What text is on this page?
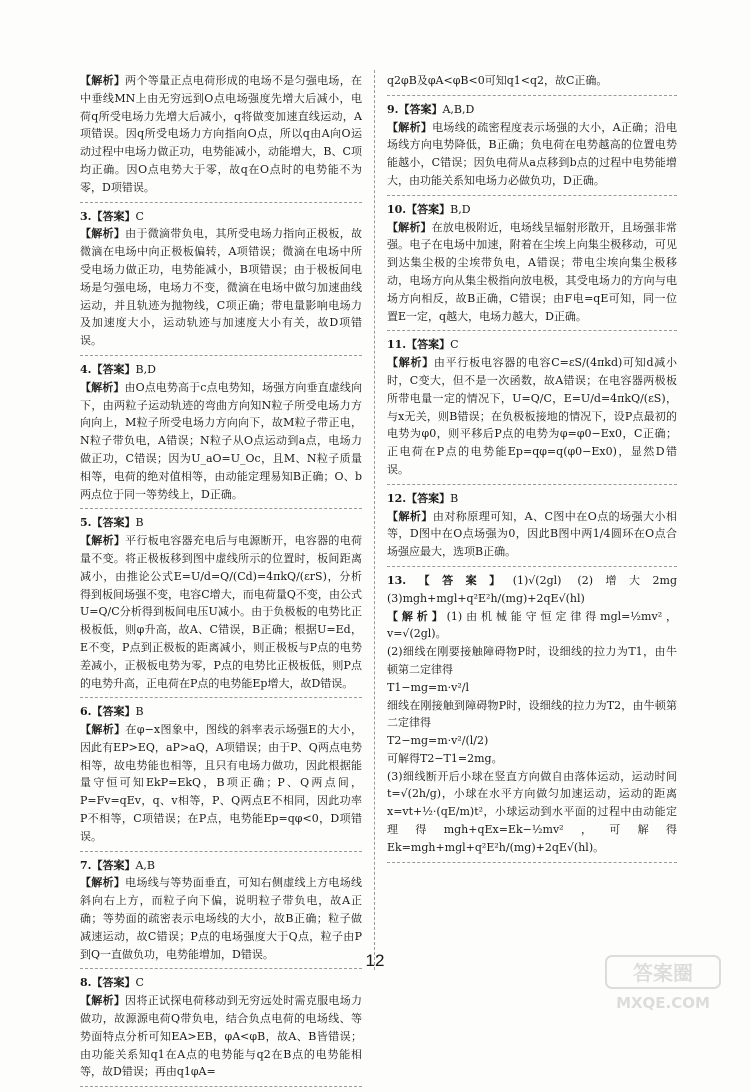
【解析】两个等量正点电荷形成的电场不是匀强电场，在中垂线MN上由无穷远到O点电场强度先增大后减小，电荷q所受电场力先增大后减小，q将做变加速直线运动，A项错误。因q所受电场力方向指向O点，所以q由A向O运动过程中电场力做正功，电势能减小，动能增大，B、C项均正确。因O点电势大于零，故q在O点时的电势能不为零，D项错误。

3.【答案】C

【解析】由于微滴带负电，其所受电场力指向正极板，故微滴在电场中向正极板偏转，A项错误；微滴在电场中所受电场力做正功，电势能减小，B项错误；由于极板间电场是匀强电场，电场力不变，微滴在电场中做匀加速曲线运动，并且轨迹为抛物线，C项正确；带电量影响电场力及加速度大小，运动轨迹与加速度大小有关，故D项错误。

4.【答案】B,D

【解析】由O点电势高于c点电势知，场强方向垂直虚线向下，由两粒子运动轨迹的弯曲方向知N粒子所受电场力方向向上，M粒子所受电场力方向向下，故M粒子带正电，N粒子带负电，A错误；N粒子从O点运动到a点，电场力做正功，C错误；因为U_aO=U_Oc，且M、N粒子质量相等，电荷的绝对值相等，由动能定理易知B正确；O、b两点位于同一等势线上，D正确。

5.【答案】B

【解析】平行板电容器充电后与电源断开，电容器的电荷量不变。将正极板移到图中虚线所示的位置时，板间距离减小，由推论公式E=U/d=Q/(Cd)=4πkQ/(εrS)，分析得到板间场强不变，电容C增大，而电荷量Q不变，由公式U=Q/C分析得到板间电压U减小。由于负极板的电势比正极板低，则φ升高，故A、C错误，B正确；根据U=Ed，E不变，P点到正极板的距离减小，则正极板与P点的电势差减小，正极板电势为零，P点的电势比正极板低，则P点的电势升高，正电荷在P点的电势能Ep增大，故D错误。

6.【答案】B

【解析】在φ−x图象中，图线的斜率表示场强E的大小，因此有EP>EQ，aP>aQ，A项错误；由于P、Q两点电势相等，故电势能也相等，且只有电场力做功，因此根据能量守恒可知EkP=EkQ，B项正确；P、Q两点间，P=Fv=qEv，q、v相等，P、Q两点E不相同，因此功率P不相等，C项错误；在P点，电势能Ep=qφ<0，D项错误。

7.【答案】A,B

【解析】电场线与等势面垂直，可知右侧虚线上方电场线斜向右上方，而粒子向下偏，说明粒子带负电，故A正确；等势面的疏密表示电场线的大小，故B正确；粒子做减速运动，故C错误；P点的电场强度大于Q点，粒子由P到Q一直做负功，电势能增加，D错误。

8.【答案】C

【解析】因将正试探电荷移动到无穷远处时需克服电场力做功，故源源电荷Q带负电，结合负点电荷的电场线、等势面特点分析可知EA>EB，φA<φB，故A、B皆错误；由功能关系知q1在A点的电势能与q2在B点的电势能相等，故D错误；再由q1φA=

q2φB及φA<φB<0可知q1<q2，故C正确。

9.【答案】A,B,D

【解析】电场线的疏密程度表示场强的大小，A正确；沿电场线方向电势降低，B正确；负电荷在电势越高的位置电势能越小，C错误；因负电荷从a点移到b点的过程中电势能增大，由功能关系知电场力必做负功，D正确。

10.【答案】B,D

【解析】在放电极附近，电场线呈辐射形散开，且场强非常强。电子在电场中加速，附着在尘埃上向集尘极移动，可见到达集尘极的尘埃带负电，A错误；带电尘埃向集尘极移动，电场方向从集尘极指向放电极，其受电场力的方向与电场方向相反，故B正确，C错误；由F电=qE可知，同一位置E一定，q越大，电场力越大，D正确。

11.【答案】C

【解析】由平行板电容器的电容C=εS/(4πkd)可知d减小时，C变大，但不是一次函数，故A错误；在电容器两极板所带电量一定的情况下，U=Q/C，E=U/d=4πkQ/(εS)，与x无关，则B错误；在负极板接地的情况下，设P点最初的电势为φ0，则平移后P点的电势为φ=φ0−Ex0，C正确；正电荷在P点的电势能Ep=qφ=q(φ0−Ex0)，显然D错误。

12.【答案】B

【解析】由对称原理可知，A、C图中在O点的场强大小相等，D图中在O点场强为0，因此B图中两1/4圆环在O点合场强应最大，选项B正确。

13.【答案】(1)√(2gl) (2)增大2mg (3)mgh+mgl+q²E²h/(mg)+2qE√(hl)

【解析】(1)由机械能守恒定律得mgl=½mv²，v=√(2gl)。

(2)细线在刚要接触障碍物P时，设细线的拉力为T1，由牛顿第二定律得

T1−mg=m·v²/l

细线在刚接触到障碍物P时，设细线的拉力为T2，由牛顿第二定律得

T2−mg=m·v²/(l/2)

可解得T2−T1=2mg。

(3)细线断开后小球在竖直方向做自由落体运动，运动时间t=√(2h/g)，小球在水平方向做匀加速运动，运动的距离x=vt+½·(qE/m)t²，小球运动到水平面的过程中由动能定理得mgh+qEx=Ek−½mv²，可解得Ek=mgh+mgl+q²E²h/(mg)+2qE√(hl)。

12
答案圈
MXQE.COM
